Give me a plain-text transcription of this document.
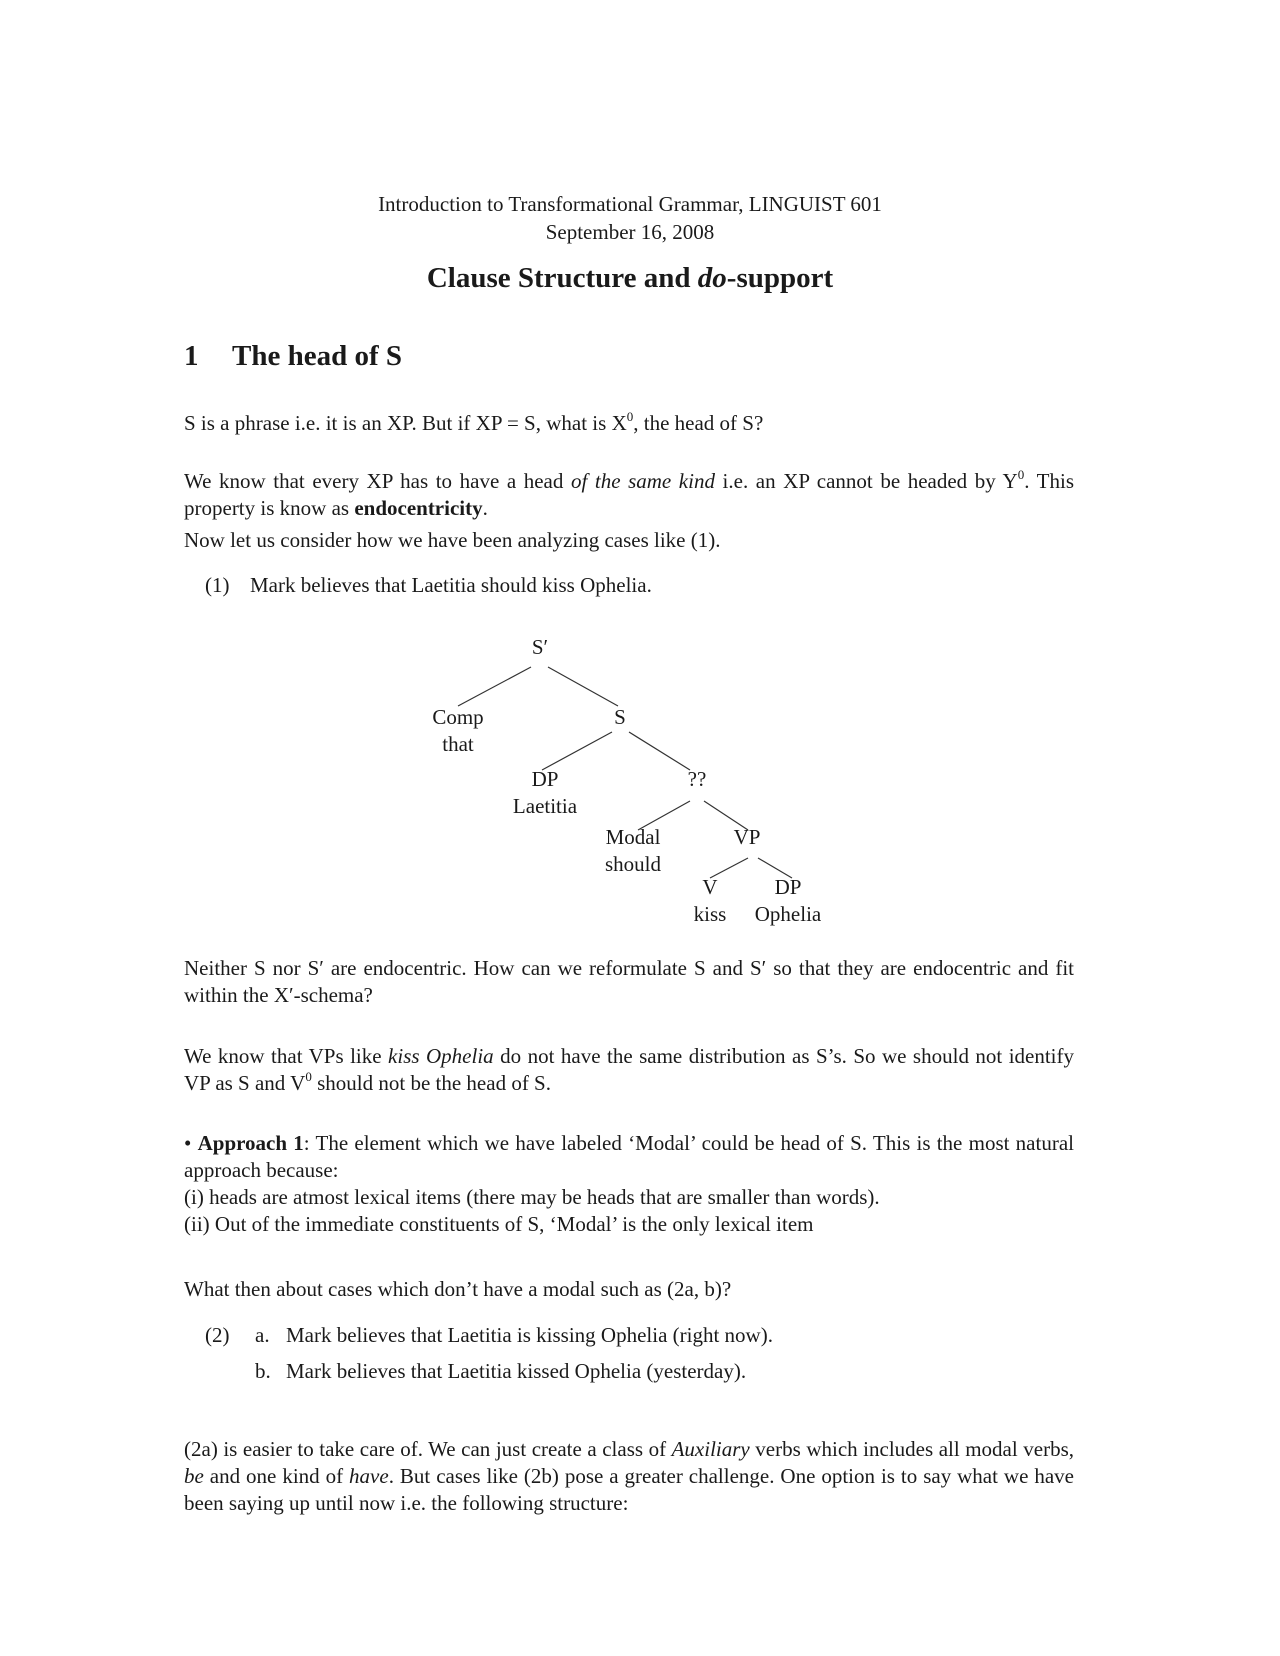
Introduction to Transformational Grammar, LINGUIST 601
September 16, 2008
Clause Structure and do-support
1 The head of S
S is a phrase i.e. it is an XP. But if XP = S, what is $X^0$, the head of S?
We know that every XP has to have a head of the same kind i.e. an XP cannot be headed by $Y^0$. This property is know as endocentricity.
Now let us consider how we have been analyzing cases like (1).
(1) Mark believes that Laetitia should kiss Ophelia.
S′
Comp
that
S
DP
Laetitia
??
Modal
should
VP
V
kiss
DP
Ophelia
Neither S nor S′ are endocentric. How can we reformulate S and S′ so that they are endocentric and fit within the X′-schema?
We know that VPs like kiss Ophelia do not have the same distribution as S’s. So we should not identify VP as S and $V^0$ should not be the head of S.
• Approach 1: The element which we have labeled ‘Modal’ could be head of S. This is the most natural approach because:
(i) heads are atmost lexical items (there may be heads that are smaller than words).
(ii) Out of the immediate constituents of S, ‘Modal’ is the only lexical item
What then about cases which don’t have a modal such as (2a, b)?
(2) a. Mark believes that Laetitia is kissing Ophelia (right now).
b. Mark believes that Laetitia kissed Ophelia (yesterday).
(2a) is easier to take care of. We can just create a class of Auxiliary verbs which includes all modal verbs, be and one kind of have. But cases like (2b) pose a greater challenge. One option is to say what we have been saying up until now i.e. the following structure:
